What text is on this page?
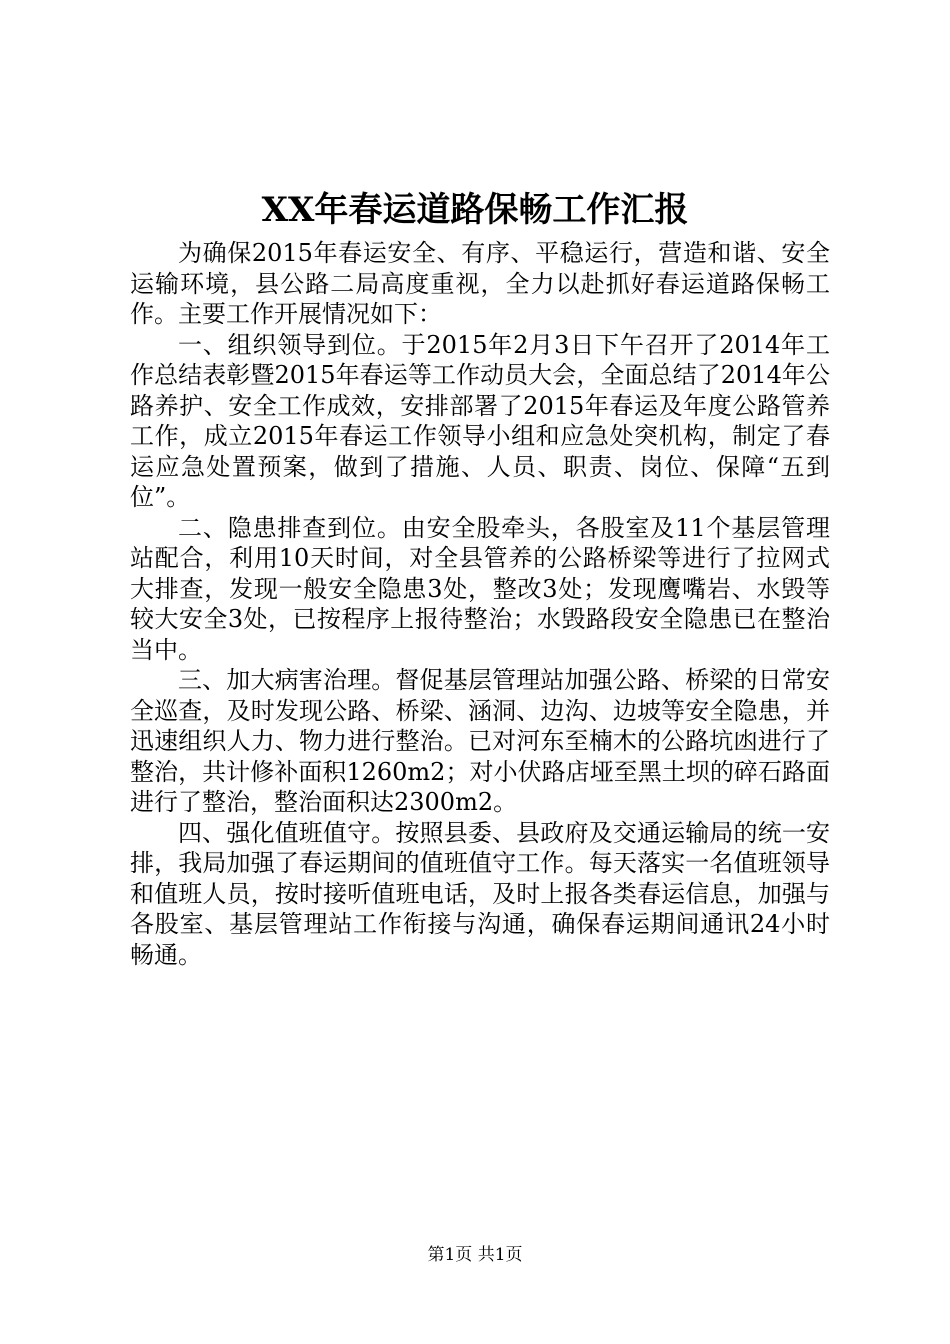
XX年春运道路保畅工作汇报

为确保2015年春运安全、有序、平稳运行，营造和谐、安全运输环境，县公路二局高度重视，全力以赴抓好春运道路保畅工作。主要工作开展情况如下：

一、组织领导到位。于2015年2月3日下午召开了2014年工作总结表彰暨2015年春运等工作动员大会，全面总结了2014年公路养护、安全工作成效，安排部署了2015年春运及年度公路管养工作，成立2015年春运工作领导小组和应急处突机构，制定了春运应急处置预案，做到了措施、人员、职责、岗位、保障“五到位”。

二、隐患排查到位。由安全股牵头，各股室及11个基层管理站配合，利用10天时间，对全县管养的公路桥梁等进行了拉网式大排查，发现一般安全隐患3处，整改3处；发现鹰嘴岩、水毁等较大安全3处，已按程序上报待整治；水毁路段安全隐患已在整治当中。

三、加大病害治理。督促基层管理站加强公路、桥梁的日常安全巡查，及时发现公路、桥梁、涵洞、边沟、边坡等安全隐患，并迅速组织人力、物力进行整治。已对河东至楠木的公路坑凼进行了整治，共计修补面积1260m2；对小伏路店垭至黑土坝的碎石路面进行了整治，整治面积达2300m2。

四、强化值班值守。按照县委、县政府及交通运输局的统一安排，我局加强了春运期间的值班值守工作。每天落实一名值班领导和值班人员，按时接听值班电话，及时上报各类春运信息，加强与各股室、基层管理站工作衔接与沟通，确保春运期间通讯24小时畅通。

第1页 共1页
